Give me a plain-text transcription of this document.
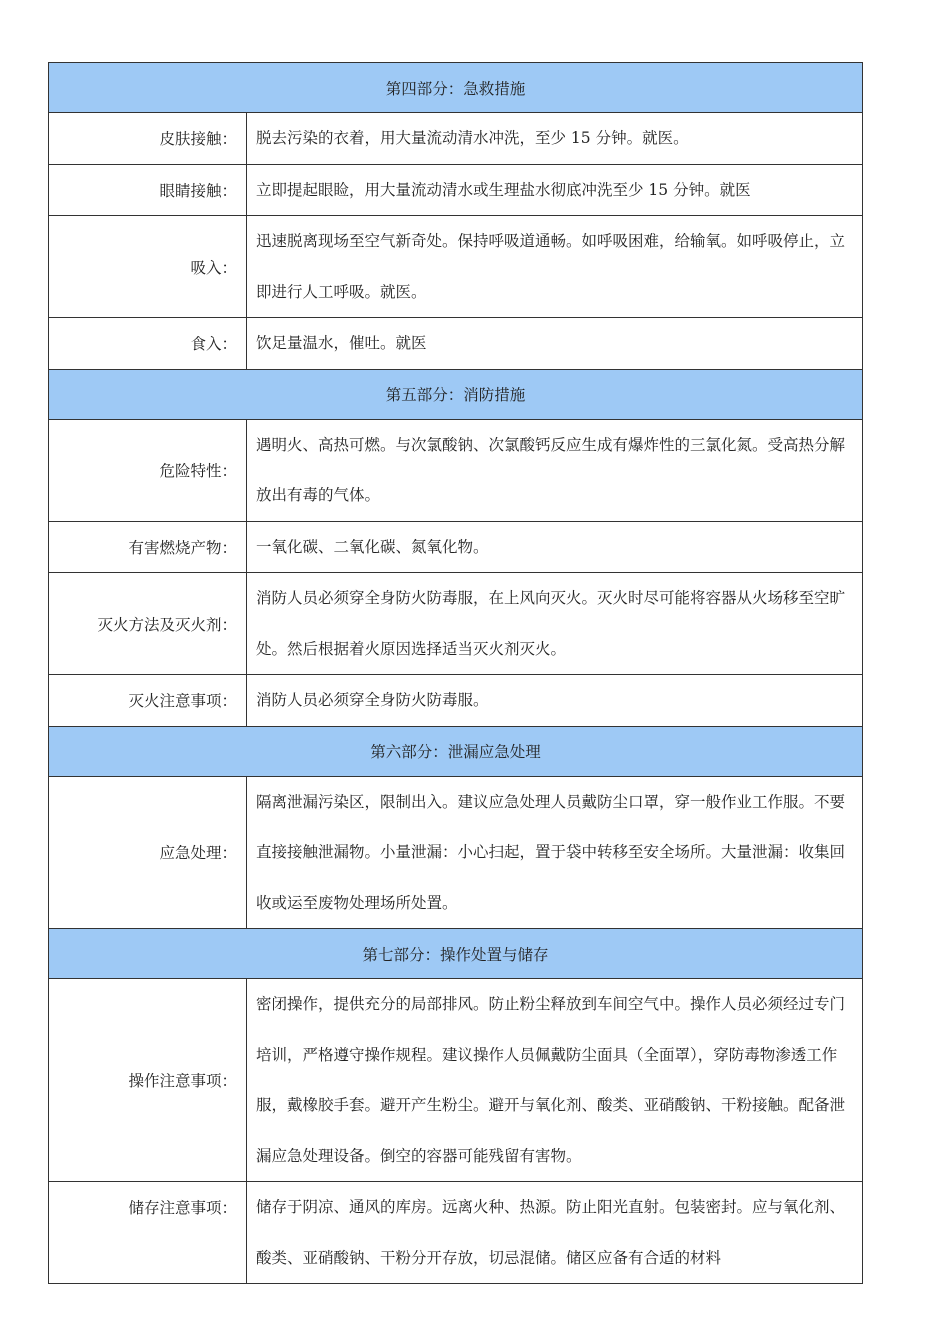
第四部分：急救措施	
皮肤接触：	脱去污染的衣着，用大量流动清水冲洗，至少 15 分钟。就医。
眼睛接触：	立即提起眼睑，用大量流动清水或生理盐水彻底冲洗至少 15 分钟。就医
吸入：	迅速脱离现场至空气新奇处。保持呼吸道通畅。如呼吸困难，给输氧。如呼吸停止，立即进行人工呼吸。就医。
食入：	饮足量温水，催吐。就医
第五部分：消防措施	
危险特性：	遇明火、高热可燃。与次氯酸钠、次氯酸钙反应生成有爆炸性的三氯化氮。受高热分解放出有毒的气体。
有害燃烧产物：	一氧化碳、二氧化碳、氮氧化物。
灭火方法及灭火剂：	消防人员必须穿全身防火防毒服，在上风向灭火。灭火时尽可能将容器从火场移至空旷处。然后根据着火原因选择适当灭火剂灭火。
灭火注意事项：	消防人员必须穿全身防火防毒服。
第六部分：泄漏应急处理	
应急处理：	隔离泄漏污染区，限制出入。建议应急处理人员戴防尘口罩，穿一般作业工作服。不要直接接触泄漏物。小量泄漏：小心扫起，置于袋中转移至安全场所。大量泄漏：收集回收或运至废物处理场所处置。
第七部分：操作处置与储存	
操作注意事项：	密闭操作，提供充分的局部排风。防止粉尘释放到车间空气中。操作人员必须经过专门培训，严格遵守操作规程。建议操作人员佩戴防尘面具（全面罩），穿防毒物渗透工作服，戴橡胶手套。避开产生粉尘。避开与氧化剂、酸类、亚硝酸钠、干粉接触。配备泄漏应急处理设备。倒空的容器可能残留有害物。
储存注意事项：	储存于阴凉、通风的库房。远离火种、热源。防止阳光直射。包装密封。应与氧化剂、酸类、亚硝酸钠、干粉分开存放，切忌混储。储区应备有合适的材料
